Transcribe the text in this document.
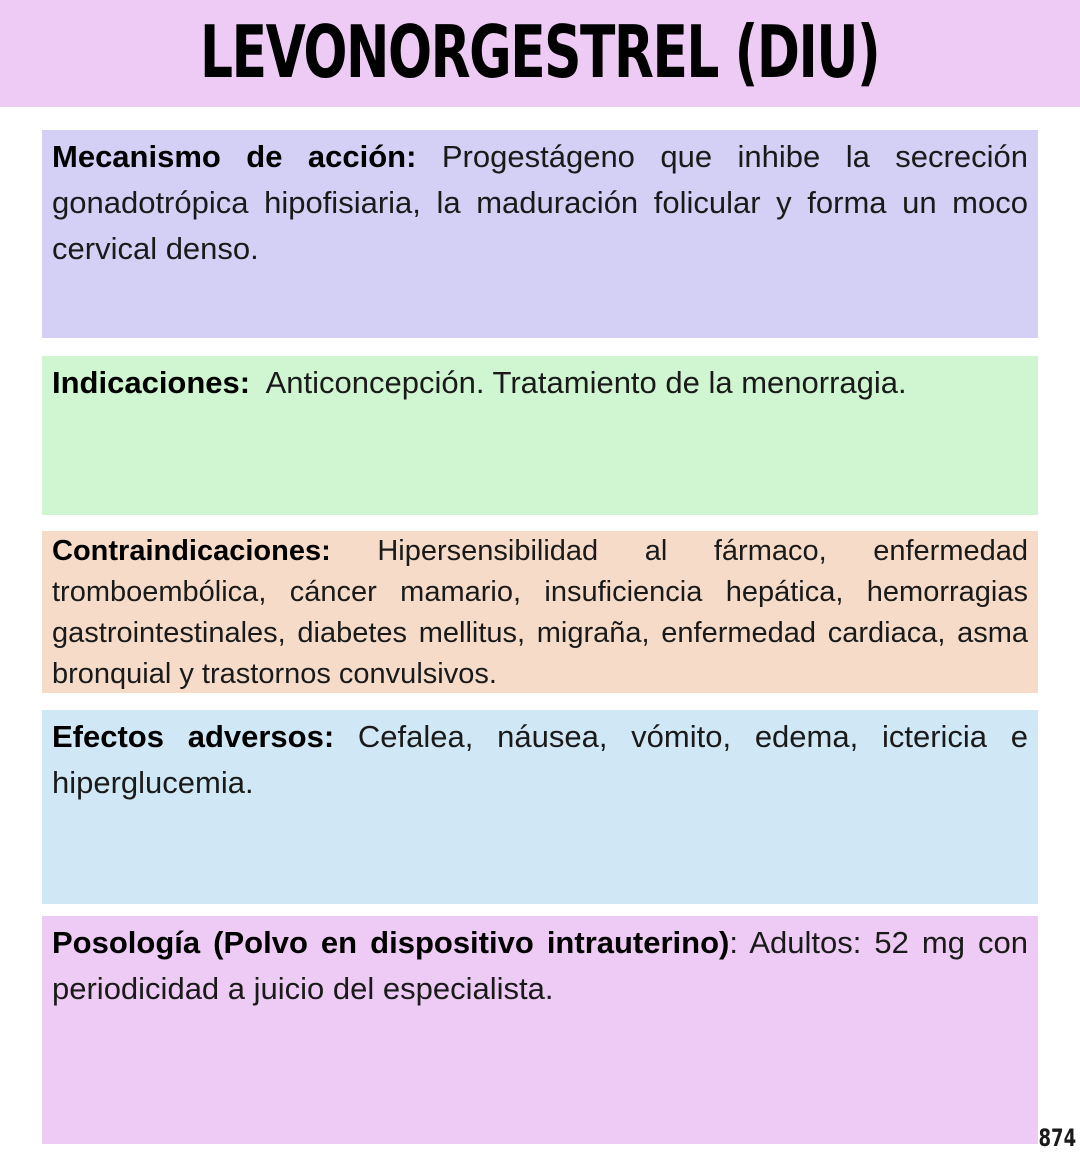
LEVONORGESTREL (DIU)
Mecanismo de acción: Progestágeno que inhibe la secreción gonadotrópica hipofisiaria, la maduración folicular y forma un moco cervical denso.
Indicaciones:  Anticoncepción. Tratamiento de la menorragia.
Contraindicaciones: Hipersensibilidad al fármaco, enfermedad tromboembólica, cáncer mamario, insuficiencia hepática, hemorragias gastrointestinales, diabetes mellitus, migraña, enfermedad cardiaca, asma bronquial y trastornos convulsivos.
Efectos adversos: Cefalea, náusea, vómito, edema, ictericia e hiperglucemia.
Posología (Polvo en dispositivo intrauterino): Adultos: 52 mg con periodicidad a juicio del especialista.
874
